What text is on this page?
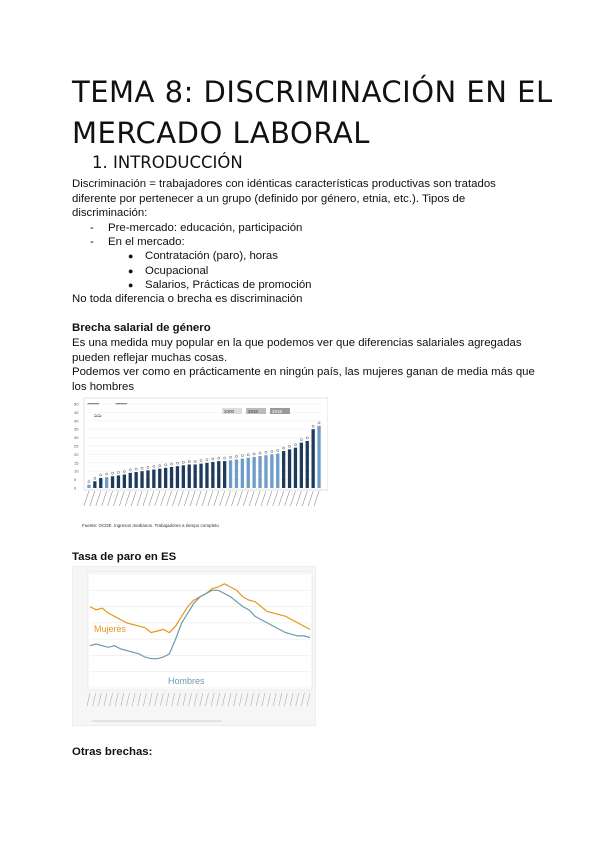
TEMA 8: DISCRIMINACIÓN EN EL MERCADO LABORAL
1. INTRODUCCIÓN

Discriminación = trabajadores con idénticas características productivas son tratados diferente por pertenecer a un grupo (definido por género, etnia, etc.). Tipos de discriminación:

- Pre-mercado: educación, participación
- En el mercado:
● Contratación (paro), horas
● Ocupacional
● Salarios, Prácticas de promoción

No toda diferencia o brecha es discriminación

Brecha salarial de género

Es una medida muy popular en la que podemos ver que diferencias salariales agregadas pueden reflejar muchas cosas.

Podemos ver como en prácticamente en ningún país, las mujeres ganan de media más que los hombres

0
5
10
15
20
25
30
35
40
45
50 ‾‾‾‾ ‾‾‾‾
≈≈
2000	2010	2016
Fuente: OCDE. Ingresos medianos. Trabajadores a tiempo completo

Tasa de paro en ES

Mujeres
Hombres

Otras brechas:
